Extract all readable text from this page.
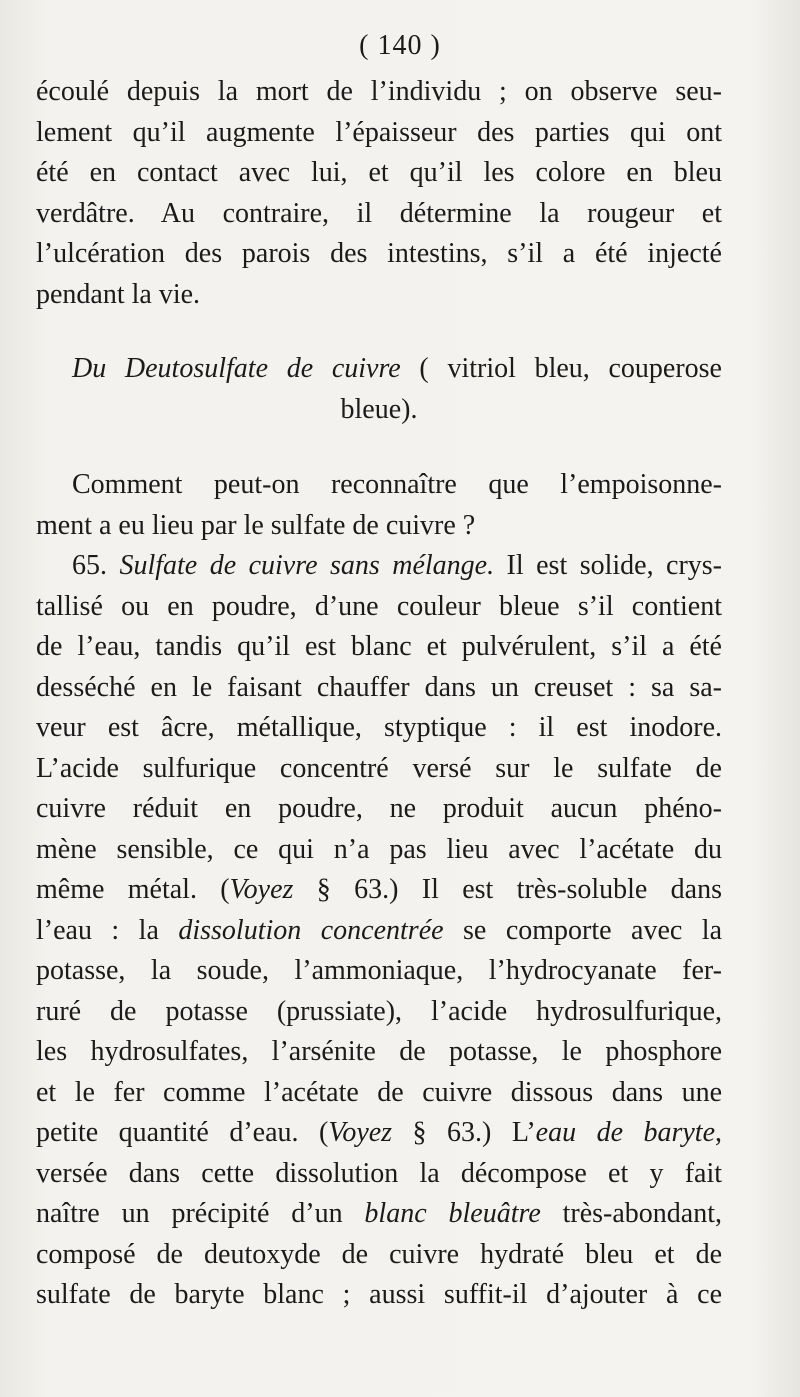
( 140 )
écoulé depuis la mort de l’individu ; on observe seu-
lement qu’il augmente l’épaisseur des parties qui ont
été en contact avec lui, et qu’il les colore en bleu
verdâtre. Au contraire, il détermine la rougeur et
l’ulcération des parois des intestins, s’il a été injecté
pendant la vie.
Du Deutosulfate de cuivre ( vitriol bleu, couperose
bleue).
Comment peut-on reconnaître que l’empoisonne-
ment a eu lieu par le sulfate de cuivre ?
65. Sulfate de cuivre sans mélange. Il est solide, crys-
tallisé ou en poudre, d’une couleur bleue s’il contient
de l’eau, tandis qu’il est blanc et pulvérulent, s’il a été
desséché en le faisant chauffer dans un creuset : sa sa-
veur est âcre, métallique, styptique : il est inodore.
L’acide sulfurique concentré versé sur le sulfate de
cuivre réduit en poudre, ne produit aucun phéno-
mène sensible, ce qui n’a pas lieu avec l’acétate du
même métal. (Voyez § 63.) Il est très-soluble dans
l’eau : la dissolution concentrée se comporte avec la
potasse, la soude, l’ammoniaque, l’hydrocyanate fer-
ruré de potasse (prussiate), l’acide hydrosulfurique,
les hydrosulfates, l’arsénite de potasse, le phosphore
et le fer comme l’acétate de cuivre dissous dans une
petite quantité d’eau. (Voyez § 63.) L’eau de baryte,
versée dans cette dissolution la décompose et y fait
naître un précipité d’un blanc bleuâtre très-abondant,
composé de deutoxyde de cuivre hydraté bleu et de
sulfate de baryte blanc ; aussi suffit-il d’ajouter à ce
